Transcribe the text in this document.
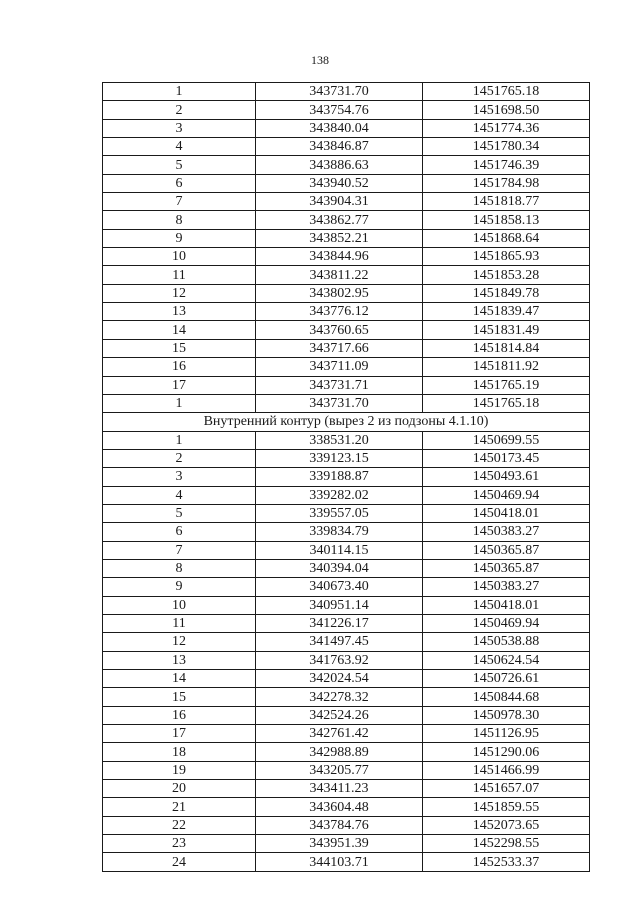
138
1	343731.70	1451765.18
2	343754.76	1451698.50
3	343840.04	1451774.36
4	343846.87	1451780.34
5	343886.63	1451746.39
6	343940.52	1451784.98
7	343904.31	1451818.77
8	343862.77	1451858.13
9	343852.21	1451868.64
10	343844.96	1451865.93
11	343811.22	1451853.28
12	343802.95	1451849.78
13	343776.12	1451839.47
14	343760.65	1451831.49
15	343717.66	1451814.84
16	343711.09	1451811.92
17	343731.71	1451765.19
1	343731.70	1451765.18
Внутренний контур (вырез 2 из подзоны 4.1.10)		
1	338531.20	1450699.55
2	339123.15	1450173.45
3	339188.87	1450493.61
4	339282.02	1450469.94
5	339557.05	1450418.01
6	339834.79	1450383.27
7	340114.15	1450365.87
8	340394.04	1450365.87
9	340673.40	1450383.27
10	340951.14	1450418.01
11	341226.17	1450469.94
12	341497.45	1450538.88
13	341763.92	1450624.54
14	342024.54	1450726.61
15	342278.32	1450844.68
16	342524.26	1450978.30
17	342761.42	1451126.95
18	342988.89	1451290.06
19	343205.77	1451466.99
20	343411.23	1451657.07
21	343604.48	1451859.55
22	343784.76	1452073.65
23	343951.39	1452298.55
24	344103.71	1452533.37
